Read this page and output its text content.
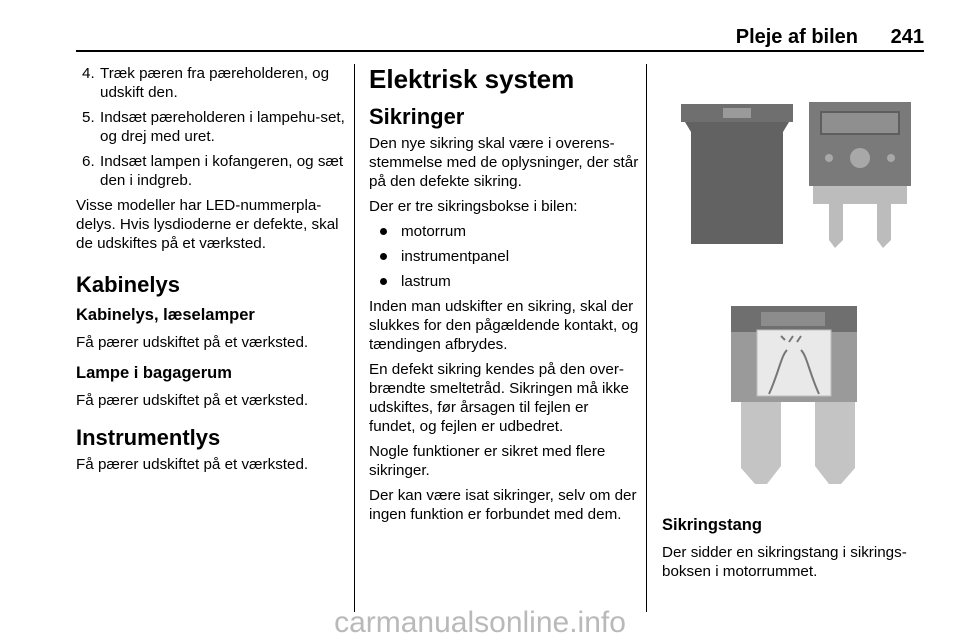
Pleje af bilen 241
4. Træk pæren fra pæreholderen, og udskift den.
5. Indsæt pæreholderen i lampehu-set, og drej med uret.
6. Indsæt lampen i kofangeren, og sæt den i indgreb.

Visse modeller har LED-nummerpla-delys. Hvis lysdioderne er defekte, skal de udskiftes på et værksted.

Kabinelys
Kabinelys, læselamper

Få pærer udskiftet på et værksted.

Lampe i bagagerum

Få pærer udskiftet på et værksted.

Instrumentlys

Få pærer udskiftet på et værksted.

Elektrisk system
Sikringer

Den nye sikring skal være i overens-stemmelse med de oplysninger, der står på den defekte sikring.

Der er tre sikringsbokse i bilen:

motorrum
instrumentpanel
lastrum

Inden man udskifter en sikring, skal der slukkes for den pågældende kontakt, og tændingen afbrydes.

En defekt sikring kendes på den over-brændte smeltetråd. Sikringen må ikke udskiftes, før årsagen til fejlen er fundet, og fejlen er udbedret.

Nogle funktioner er sikret med flere sikringer.

Der kan være isat sikringer, selv om der ingen funktion er forbundet med dem.

Sikringstang

Der sidder en sikringstang i sikrings-boksen i motorrummet.

carmanualsonline.info
